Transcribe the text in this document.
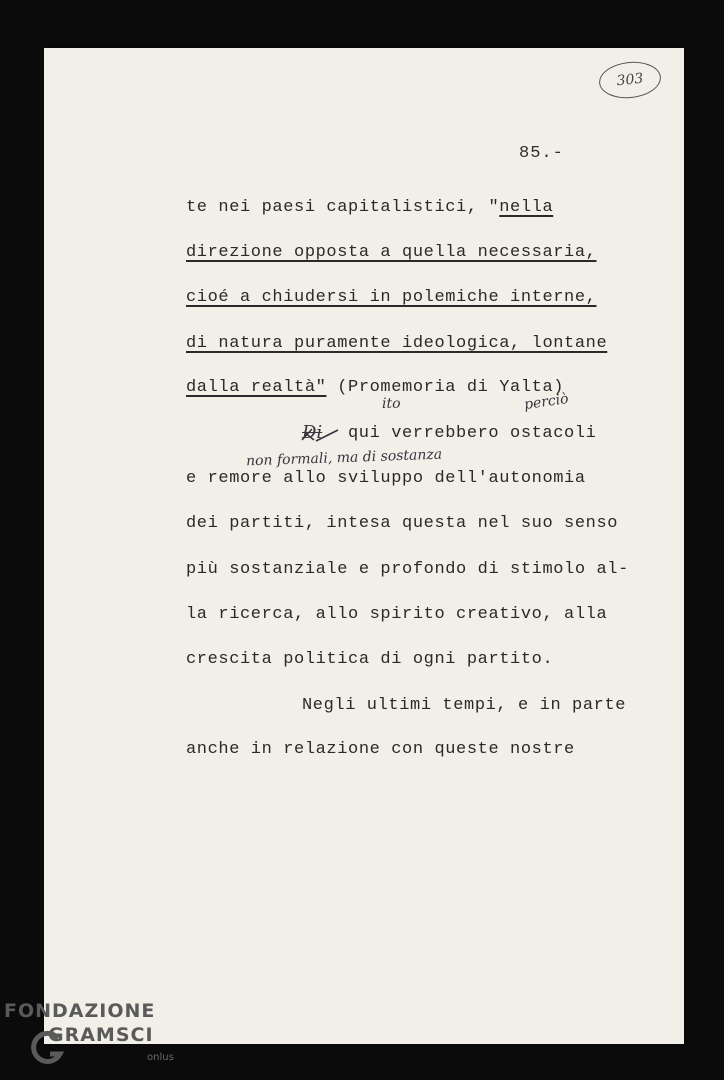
303
85.-
te nei paesi capitalistici, "nella
direzione opposta a quella necessaria,
cioé a chiudersi in polemiche interne,
di natura puramente ideologica, lontane
dalla realtà" (Promemoria di Yalta)
Di qui verrebbero ostacoli
ito	perciò
non formali, ma di sostanza
e remore allo sviluppo dell'autonomia
dei partiti, intesa questa nel suo senso
più sostanziale e profondo di stimolo al-
la ricerca, allo spirito creativo, alla
crescita politica di ogni partito.
Negli ultimi tempi, e in parte
anche in relazione con queste nostre
FONDAZIONE
GRAMSCI
onlus
